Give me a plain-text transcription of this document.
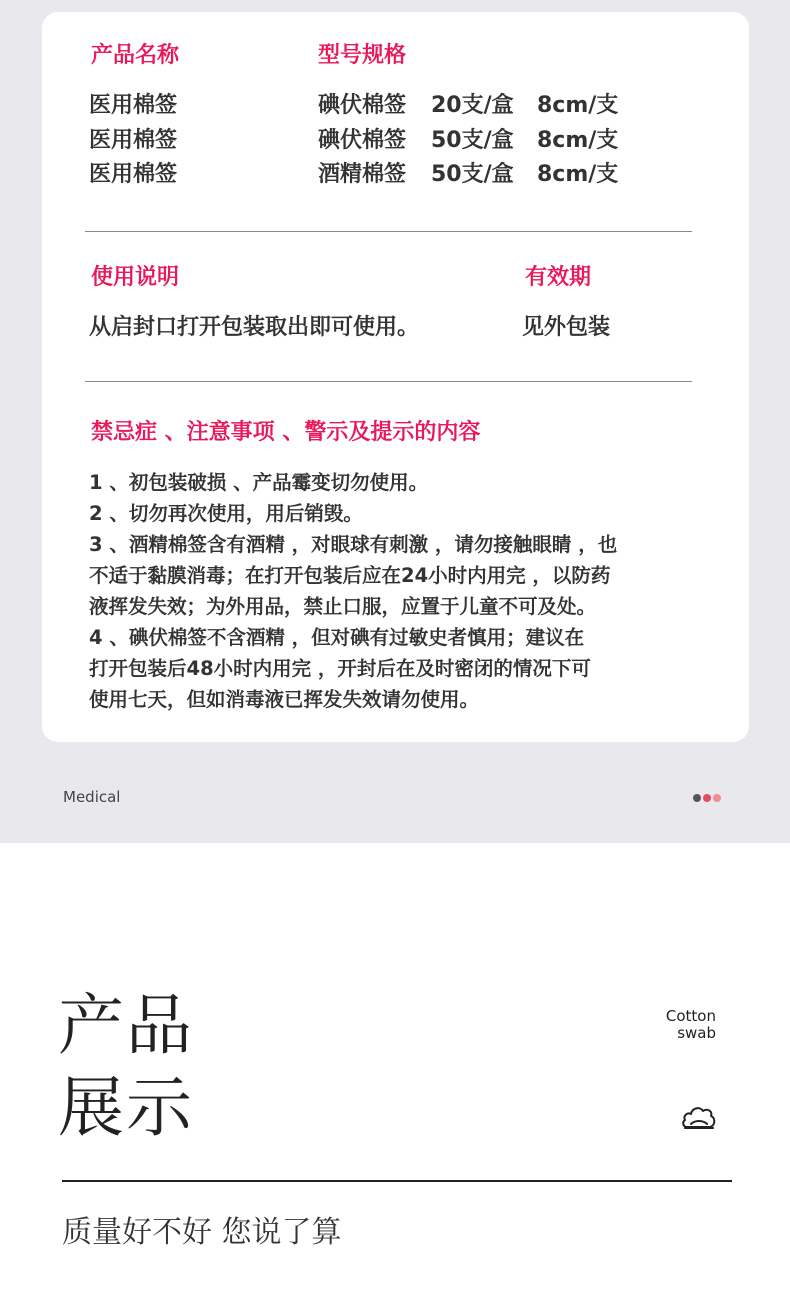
产品名称	型号规格
医用棉签	碘伏棉签 20支/盒 8cm/支
医用棉签	碘伏棉签 50支/盒 8cm/支
医用棉签	酒精棉签 50支/盒 8cm/支
使用说明	有效期
从启封口打开包装取出即可使用。	见外包装
禁忌症 、注意事项 、警示及提示的内容
1 、初包装破损 、产品霉变切勿使用。
2 、切勿再次使用，用后销毁。
3 、酒精棉签含有酒精 ，对眼球有刺激 ，请勿接触眼睛 ，也
不适于黏膜消毒；在打开包装后应在24小时内用完 ，以防药
液挥发失效；为外用品，禁止口服，应置于儿童不可及处。
4 、碘伏棉签不含酒精 ，但对碘有过敏史者慎用；建议在
打开包装后48小时内用完 ，开封后在及时密闭的情况下可
使用七天，但如消毒液已挥发失效请勿使用。
Medical
产品
展示
Cotton
swab
质量好不好 您说了算
